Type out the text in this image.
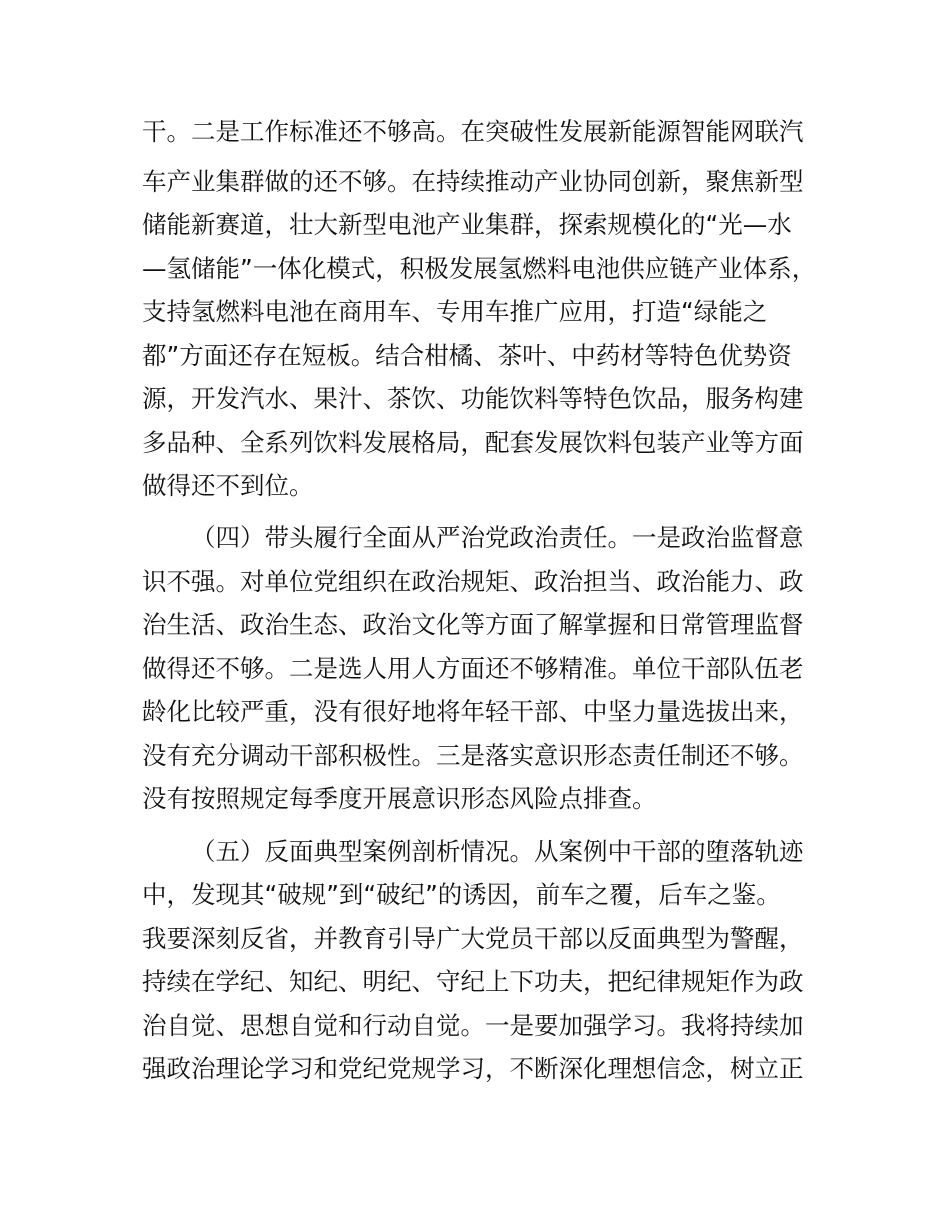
干。二是工作标准还不够高。在突破性发展新能源智能网联汽

车产业集群做的还不够。在持续推动产业协同创新，聚焦新型

储能新赛道，壮大新型电池产业集群，探索规模化的“光—水

—氢储能”一体化模式，积极发展氢燃料电池供应链产业体系，

支持氢燃料电池在商用车、专用车推广应用，打造“绿能之

都”方面还存在短板。结合柑橘、茶叶、中药材等特色优势资

源，开发汽水、果汁、茶饮、功能饮料等特色饮品，服务构建

多品种、全系列饮料发展格局，配套发展饮料包装产业等方面

做得还不到位。

（四）带头履行全面从严治党政治责任。一是政治监督意

识不强。对单位党组织在政治规矩、政治担当、政治能力、政

治生活、政治生态、政治文化等方面了解掌握和日常管理监督

做得还不够。二是选人用人方面还不够精准。单位干部队伍老

龄化比较严重，没有很好地将年轻干部、中坚力量选拔出来，

没有充分调动干部积极性。三是落实意识形态责任制还不够。

没有按照规定每季度开展意识形态风险点排查。

（五）反面典型案例剖析情况。从案例中干部的堕落轨迹

中，发现其“破规”到“破纪”的诱因，前车之覆，后车之鉴。

我要深刻反省，并教育引导广大党员干部以反面典型为警醒，

持续在学纪、知纪、明纪、守纪上下功夫，把纪律规矩作为政

治自觉、思想自觉和行动自觉。一是要加强学习。我将持续加

强政治理论学习和党纪党规学习，不断深化理想信念，树立正
